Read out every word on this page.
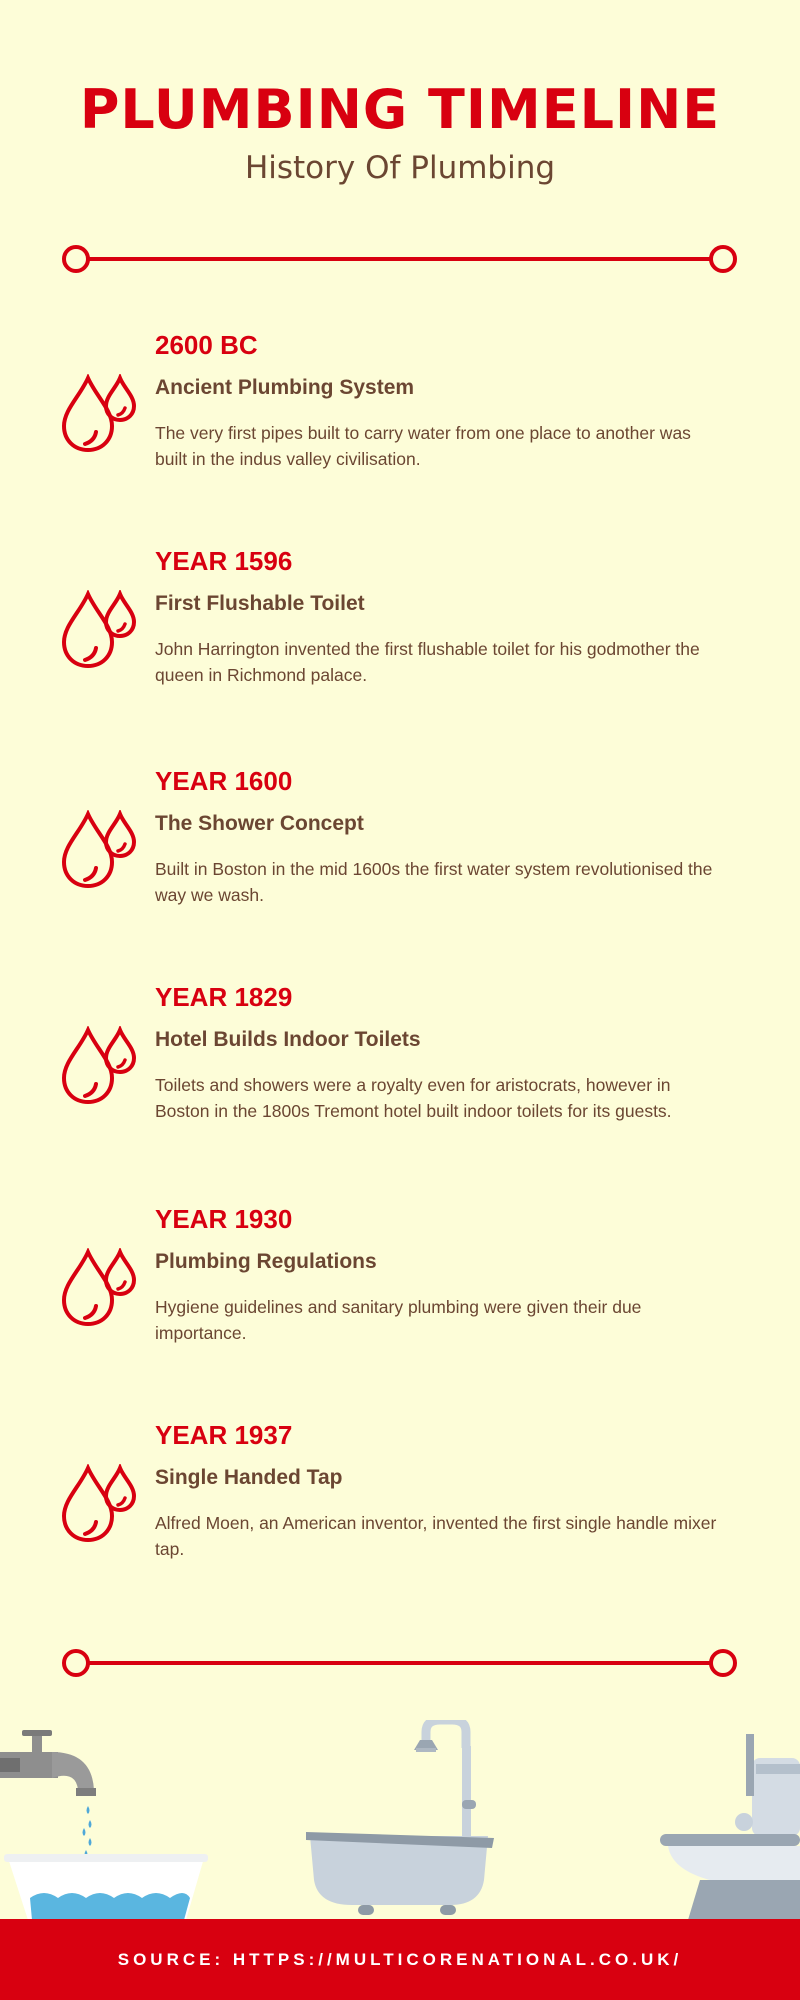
PLUMBING TIMELINE
History Of Plumbing
2600 BC
Ancient Plumbing System
The very first pipes built to carry water from one place to another was built in the indus valley civilisation.
YEAR 1596
First Flushable Toilet
John Harrington invented the first flushable toilet for his godmother the queen in Richmond palace.
YEAR 1600
The Shower Concept
Built in Boston in the mid 1600s the first water system revolutionised the way we wash.
YEAR 1829
Hotel Builds Indoor Toilets
Toilets and showers were a royalty even for aristocrats, however in Boston in the 1800s Tremont hotel built indoor toilets for its guests.
YEAR 1930
Plumbing Regulations
Hygiene guidelines and sanitary plumbing were given their due importance.
YEAR 1937
Single Handed Tap
Alfred Moen, an American inventor, invented the first single handle mixer tap.
SOURCE: HTTPS://MULTICORENATIONAL.CO.UK/
